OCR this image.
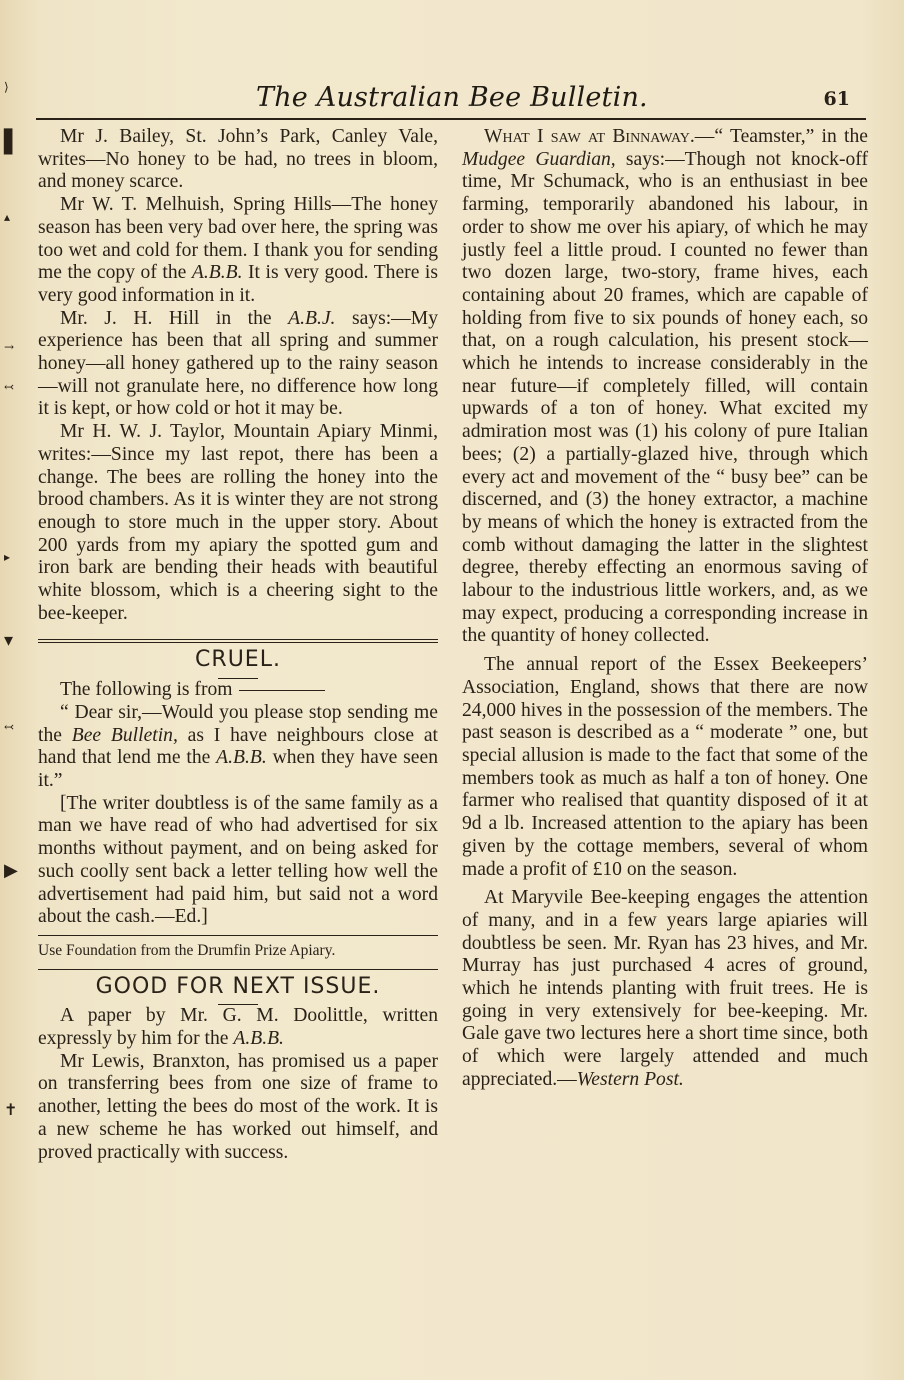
⟩
▌
▴
→
↢
▸
▾
↢
▶
✝
The Australian Bee Bulletin.	61

Mr J. Bailey, St. John’s Park, Canley Vale, writes—No honey to be had, no trees in bloom, and money scarce.

Mr W. T. Melhuish, Spring Hills—The honey season has been very bad over here, the spring was too wet and cold for them. I thank you for sending me the copy of the A.B.B. It is very good. There is very good information in it.

Mr. J. H. Hill in the A.B.J. says:—My experience has been that all spring and summer honey—all honey gathered up to the rainy season—will not granulate here, no difference how long it is kept, or how cold or hot it may be.

Mr H. W. J. Taylor, Mountain Apiary Minmi, writes:—Since my last repot, there has been a change. The bees are rolling the honey into the brood chambers. As it is winter they are not strong enough to store much in the upper story. About 200 yards from my apiary the spotted gum and iron bark are bending their heads with beautiful white blossom, which is a cheering sight to the bee-keeper.

CRUEL.

The following is from

“ Dear sir,—Would you please stop sending me the Bee Bulletin, as I have neighbours close at hand that lend me the A.B.B. when they have seen it.”

[The writer doubtless is of the same family as a man we have read of who had advertised for six months without payment, and on being asked for such coolly sent back a letter telling how well the advertisement had paid him, but said not a word about the cash.—Ed.]

Use Foundation from the Drumfin Prize Apiary.

GOOD FOR NEXT ISSUE.

A paper by Mr. G. M. Doolittle, written expressly by him for the A.B.B.

Mr Lewis, Branxton, has promised us a paper on transferring bees from one size of frame to another, letting the bees do most of the work. It is a new scheme he has worked out himself, and proved practically with success.

What I saw at Binnaway.—“ Teamster,” in the Mudgee Guardian, says:—Though not knock-off time, Mr Schumack, who is an enthusiast in bee farming, temporarily abandoned his labour, in order to show me over his apiary, of which he may justly feel a little proud. I counted no fewer than two dozen large, two-story, frame hives, each containing about 20 frames, which are capable of holding from five to six pounds of honey each, so that, on a rough calculation, his present stock—which he intends to increase considerably in the near future—if completely filled, will contain upwards of a ton of honey. What excited my admiration most was (1) his colony of pure Italian bees; (2) a partially-glazed hive, through which every act and movement of the “ busy bee” can be discerned, and (3) the honey extractor, a machine by means of which the honey is extracted from the comb without damaging the latter in the slightest degree, thereby effecting an enormous saving of labour to the industrious little workers, and, as we may expect, producing a corresponding increase in the quantity of honey collected.

The annual report of the Essex Beekeepers’ Association, England, shows that there are now 24,000 hives in the possession of the members. The past season is described as a “ moderate ” one, but special allusion is made to the fact that some of the members took as much as half a ton of honey. One farmer who realised that quantity disposed of it at 9d a lb. Increased attention to the apiary has been given by the cottage members, several of whom made a profit of £10 on the season.

At Maryvile Bee-keeping engages the attention of many, and in a few years large apiaries will doubtless be seen. Mr. Ryan has 23 hives, and Mr. Murray has just purchased 4 acres of ground, which he intends planting with fruit trees. He is going in very extensively for bee-keeping. Mr. Gale gave two lectures here a short time since, both of which were largely attended and much appreciated.—Western Post.
